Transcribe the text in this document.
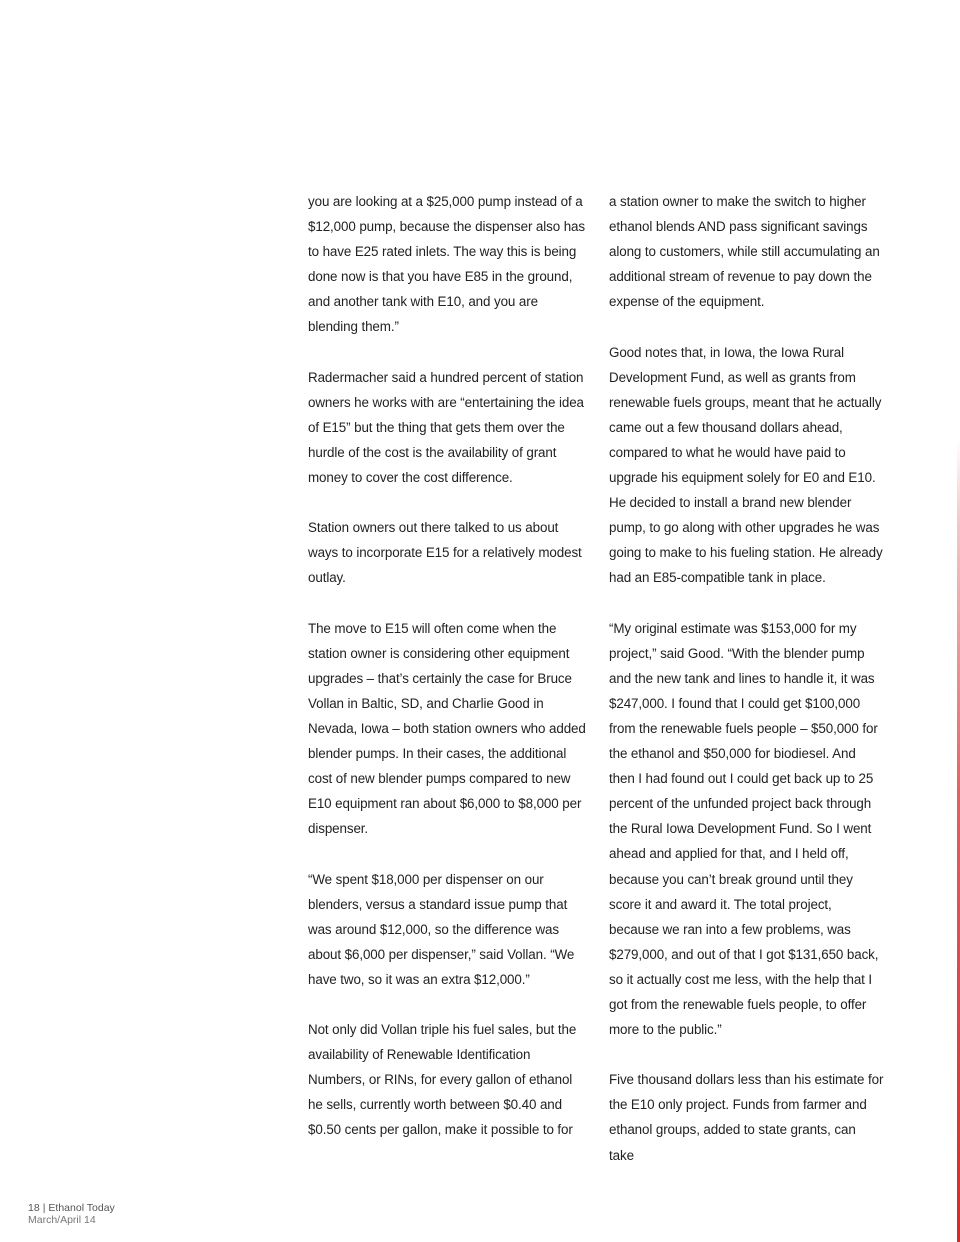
you are looking at a $25,000 pump instead of a $12,000 pump, because the dispenser also has to have E25 rated inlets. The way this is being done now is that you have E85 in the ground, and another tank with E10, and you are blending them.”

Radermacher said a hundred percent of station owners he works with are “entertaining the idea of E15” but the thing that gets them over the hurdle of the cost is the availability of grant money to cover the cost difference.

Station owners out there talked to us about ways to incorporate E15 for a relatively modest outlay.

The move to E15 will often come when the station owner is considering other equipment upgrades – that’s certainly the case for Bruce Vollan in Baltic, SD, and Charlie Good in Nevada, Iowa – both station owners who added blender pumps. In their cases, the additional cost of new blender pumps compared to new E10 equipment ran about $6,000 to $8,000 per dispenser.

“We spent $18,000 per dispenser on our blenders, versus a standard issue pump that was around $12,000, so the difference was about $6,000 per dispenser,” said Vollan. “We have two, so it was an extra $12,000.”

Not only did Vollan triple his fuel sales, but the availability of Renewable Identification Numbers, or RINs, for every gallon of ethanol he sells, currently worth between $0.40 and $0.50 cents per gallon, make it possible to for

a station owner to make the switch to higher ethanol blends AND pass significant savings along to customers, while still accumulating an additional stream of revenue to pay down the expense of the equipment.

Good notes that, in Iowa, the Iowa Rural Development Fund, as well as grants from renewable fuels groups, meant that he actually came out a few thousand dollars ahead, compared to what he would have paid to upgrade his equipment solely for E0 and E10. He decided to install a brand new blender pump, to go along with other upgrades he was going to make to his fueling station. He already had an E85-compatible tank in place.

“My original estimate was $153,000 for my project,” said Good. “With the blender pump and the new tank and lines to handle it, it was $247,000. I found that I could get $100,000 from the renewable fuels people – $50,000 for the ethanol and $50,000 for biodiesel. And then I had found out I could get back up to 25 percent of the unfunded project back through the Rural Iowa Development Fund. So I went ahead and applied for that, and I held off, because you can’t break ground until they score it and award it. The total project, because we ran into a few problems, was $279,000, and out of that I got $131,650 back, so it actually cost me less, with the help that I got from the renewable fuels people, to offer more to the public.”

Five thousand dollars less than his estimate for the E10 only project. Funds from farmer and ethanol groups, added to state grants, can take

18 | Ethanol Today
March/April 14
